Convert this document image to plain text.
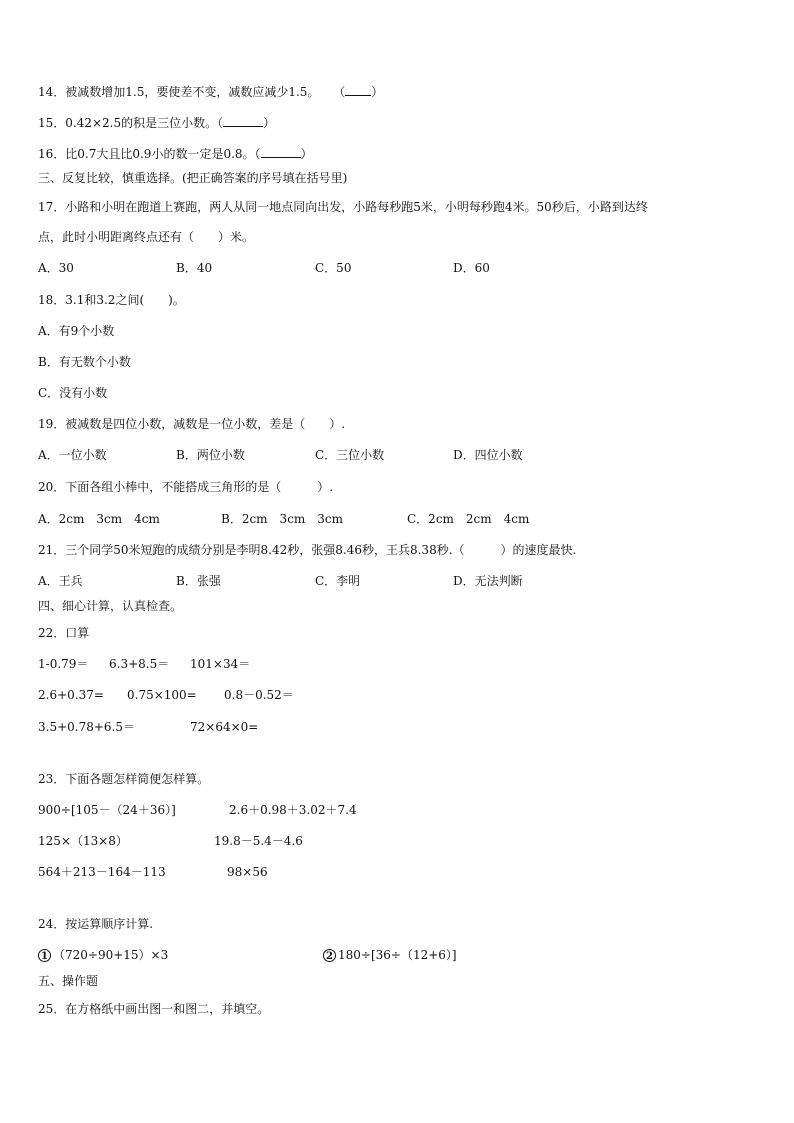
14．被减数增加1.5，要使差不变，减数应减少1.5。 （ ）
15．0.42×2.5的积是三位小数。（	）
16．比0.7大且比0.9小的数一定是0.8。（	）
三、反复比较，慎重选择。(把正确答案的序号填在括号里)
17．小路和小明在跑道上赛跑，两人从同一地点同向出发，小路每秒跑5米，小明每秒跑4米。50秒后，小路到达终
点，此时小明距离终点还有（　　）米。
A．30	B．40	C．50	D．60
18．3.1和3.2之间(　　)。
A．有9个小数
B．有无数个小数
C．没有小数
19．被减数是四位小数，减数是一位小数，差是（　　）.
A．一位小数	B．两位小数	C．三位小数	D．四位小数
20．下面各组小棒中，不能搭成三角形的是（　　　）.
A．2cm　3cm　4cm	B．2cm　3cm　3cm	C．2cm　2cm　4cm
21．三个同学50米短跑的成绩分别是李明8.42秒，张强8.46秒，王兵8.38秒.（　　　）的速度最快.
A．王兵	B．张强	C．李明	D．无法判断
四、细心计算，认真检查。
22．口算
1-0.79＝ 6.3+8.5＝ 101×34＝
2.6+0.37= 0.75×100= 0.8－0.52＝
3.5+0.78+6.5＝	72×64×0=
23．下面各题怎样简便怎样算。
900÷[105－（24＋36）]	2.6＋0.98＋3.02＋7.4
125×（13×8）	19.8－5.4－4.6
564＋213－164－113	98×56
24．按运算顺序计算.
1 （720÷90+15）×3	2 180÷[36÷（12+6）]
五、操作题
25．在方格纸中画出图一和图二，并填空。
